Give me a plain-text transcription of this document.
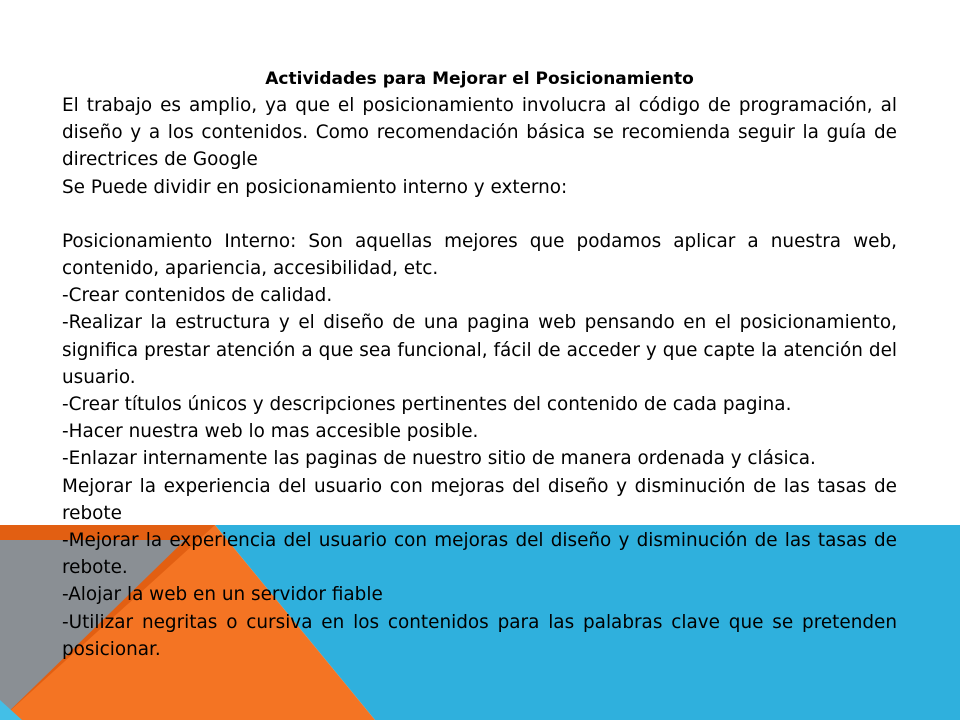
Actividades para Mejorar el Posicionamiento

El trabajo es amplio, ya que el posicionamiento involucra al código de programación, al diseño y a los contenidos. Como recomendación básica se recomienda seguir la guía de directrices de Google

Se Puede dividir en posicionamiento interno y externo:

Posicionamiento Interno: Son aquellas mejores que podamos aplicar a nuestra web, contenido, apariencia, accesibilidad, etc.

-Crear contenidos de calidad.

-Realizar la estructura y el diseño de una pagina web pensando en el posicionamiento, significa prestar atención a que sea funcional, fácil de acceder y que capte la atención del usuario.

-Crear títulos únicos y descripciones pertinentes del contenido de cada pagina.

-Hacer nuestra web lo mas accesible posible.

-Enlazar internamente las paginas de nuestro sitio de manera ordenada y clásica.

Mejorar la experiencia del usuario con mejoras del diseño y disminución de las tasas de rebote

-Mejorar la experiencia del usuario con mejoras del diseño y disminución de las tasas de rebote.

-Alojar la web en un servidor fiable

-Utilizar negritas o cursiva en los contenidos para las palabras clave que se pretenden posicionar.
